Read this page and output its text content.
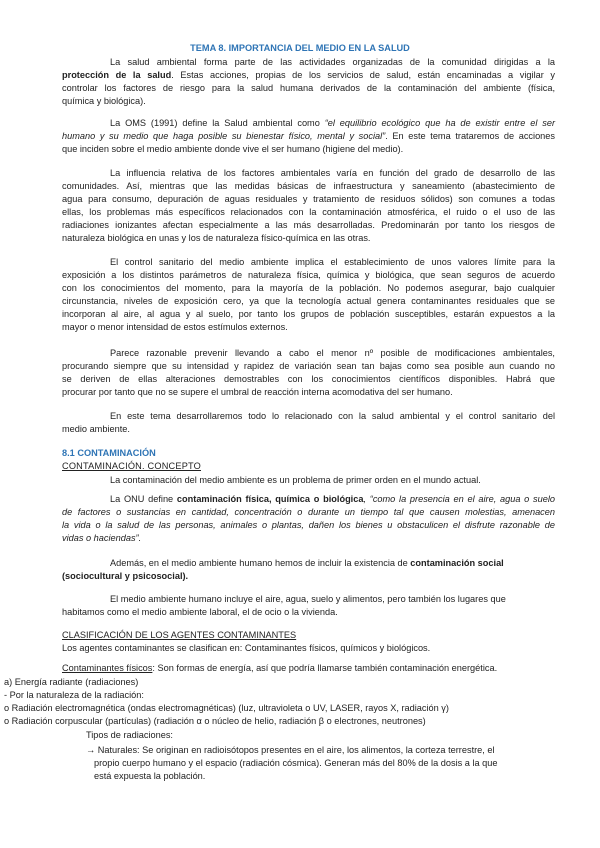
TEMA 8. IMPORTANCIA DEL MEDIO EN LA SALUD
La salud ambiental forma parte de las actividades organizadas de la comunidad dirigidas a la
protección de la salud. Estas acciones, propias de los servicios de salud, están encaminadas a vigilar y
controlar los factores de riesgo para la salud humana derivados de la contaminación del ambiente (física,
química y biológica).
La OMS (1991) define la Salud ambiental como “el equilibrio ecológico que ha de existir entre el ser
humano y su medio que haga posible su bienestar físico, mental y social”. En este tema trataremos de acciones
que inciden sobre el medio ambiente donde vive el ser humano (higiene del medio).
La influencia relativa de los factores ambientales varía en función del grado de desarrollo de las
comunidades. Así, mientras que las medidas básicas de infraestructura y saneamiento (abastecimiento de
agua para consumo, depuración de aguas residuales y tratamiento de residuos sólidos) son comunes a todas
ellas, los problemas más específicos relacionados con la contaminación atmosférica, el ruido o el uso de las
radiaciones ionizantes afectan especialmente a las más desarrolladas. Predominarán por tanto los riesgos de
naturaleza biológica en unas y los de naturaleza físico-química en las otras.
El control sanitario del medio ambiente implica el establecimiento de unos valores límite para la
exposición a los distintos parámetros de naturaleza física, química y biológica, que sean seguros de acuerdo
con los conocimientos del momento, para la mayoría de la población. No podemos asegurar, bajo cualquier
circunstancia, niveles de exposición cero, ya que la tecnología actual genera contaminantes residuales que se
incorporan al aire, al agua y al suelo, por tanto los grupos de población susceptibles, estarán expuestos a la
mayor o menor intensidad de estos estímulos externos.
Parece razonable prevenir llevando a cabo el menor nº posible de modificaciones ambientales,
procurando siempre que su intensidad y rapidez de variación sean tan bajas como sea posible aun cuando no
se deriven de ellas alteraciones demostrables con los conocimientos científicos disponibles. Habrá que
procurar por tanto que no se supere el umbral de reacción interna acomodativa del ser humano.
En este tema desarrollaremos todo lo relacionado con la salud ambiental y el control sanitario del
medio ambiente.
8.1 CONTAMINACIÓN
CONTAMINACIÓN. CONCEPTO
La contaminación del medio ambiente es un problema de primer orden en el mundo actual.
La ONU define contaminación física, química o biológica, “como la presencia en el aire, agua o suelo
de factores o sustancias en cantidad, concentración o durante un tiempo tal que causen molestias, amenacen
la vida o la salud de las personas, animales o plantas, dañen los bienes u obstaculicen el disfrute razonable de
vidas o haciendas”.
Además, en el medio ambiente humano hemos de incluir la existencia de contaminación social
(sociocultural y psicosocial).
El medio ambiente humano incluye el aire, agua, suelo y alimentos, pero también los lugares que
habitamos como el medio ambiente laboral, el de ocio o la vivienda.
CLASIFICACIÓN DE LOS AGENTES CONTAMINANTES
Los agentes contaminantes se clasifican en: Contaminantes físicos, químicos y biológicos.
Contaminantes físicos: Son formas de energía, así que podría llamarse también contaminación energética.
a) Energía radiante (radiaciones)
- Por la naturaleza de la radiación:
o Radiación electromagnética (ondas electromagnéticas) (luz, ultravioleta o UV, LASER, rayos X, radiación γ)
o Radiación corpuscular (partículas) (radiación α o núcleo de helio, radiación β o electrones, neutrones)
Tipos de radiaciones:
→ Naturales: Se originan en radioisótopos presentes en el aire, los alimentos, la corteza terrestre, el
propio cuerpo humano y el espacio (radiación cósmica). Generan más del 80% de la dosis a la que
está expuesta la población.
